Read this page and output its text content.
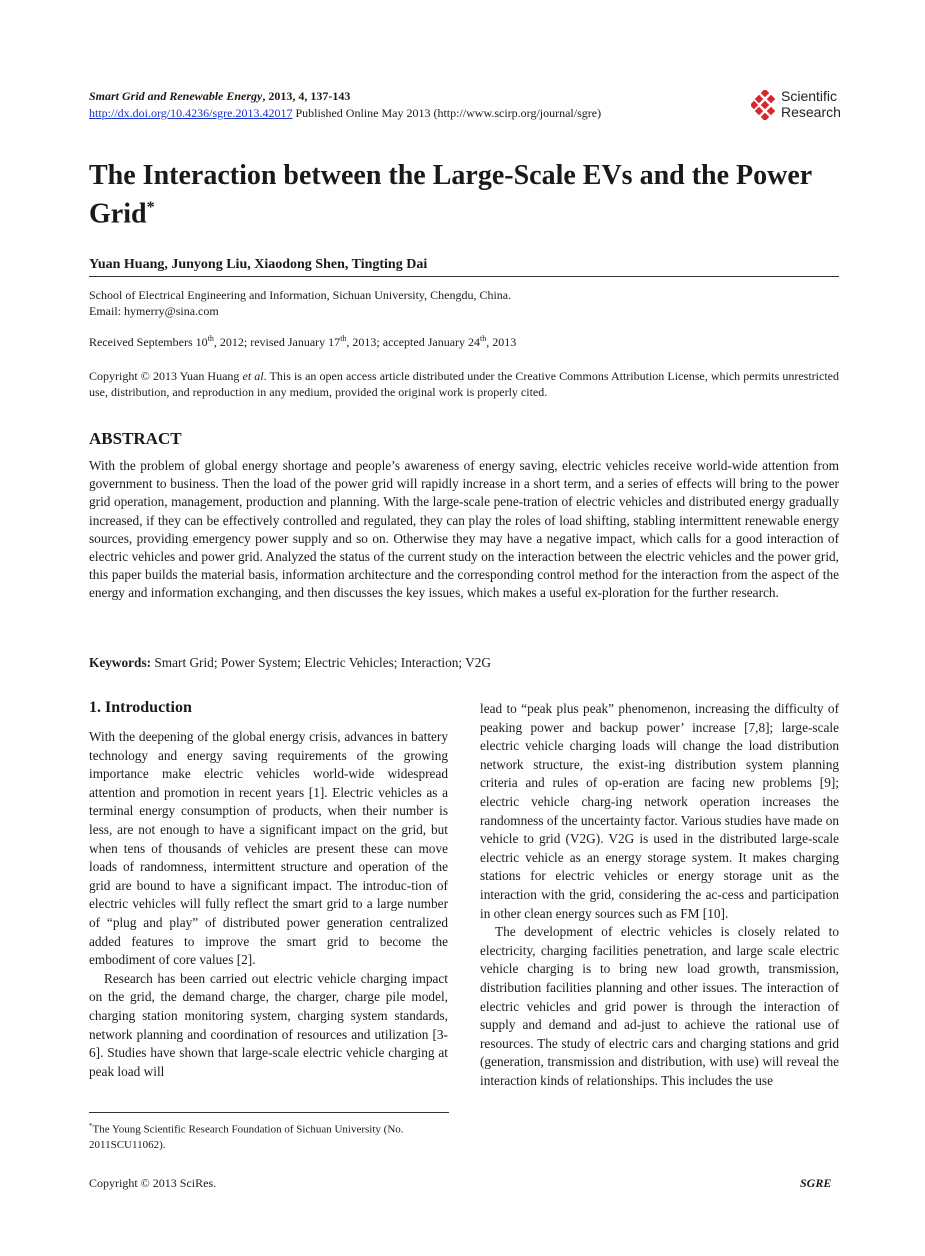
Smart Grid and Renewable Energy, 2013, 4, 137-143
http://dx.doi.org/10.4236/sgre.2013.42017 Published Online May 2013 (http://www.scirp.org/journal/sgre)
Scientific
Research
The Interaction between the Large-Scale EVs and the Power Grid*
Yuan Huang, Junyong Liu, Xiaodong Shen, Tingting Dai
School of Electrical Engineering and Information, Sichuan University, Chengdu, China.
Email: hymerry@sina.com
Received Septembers 10th, 2012; revised January 17th, 2013; accepted January 24th, 2013
Copyright © 2013 Yuan Huang et al. This is an open access article distributed under the Creative Commons Attribution License, which permits unrestricted use, distribution, and reproduction in any medium, provided the original work is properly cited.
ABSTRACT
With the problem of global energy shortage and people’s awareness of energy saving, electric vehicles receive world-wide attention from government to business. Then the load of the power grid will rapidly increase in a short term, and a series of effects will bring to the power grid operation, management, production and planning. With the large-scale pene-tration of electric vehicles and distributed energy gradually increased, if they can be effectively controlled and regulated, they can play the roles of load shifting, stabling intermittent renewable energy sources, providing emergency power supply and so on. Otherwise they may have a negative impact, which calls for a good interaction of electric vehicles and power grid. Analyzed the status of the current study on the interaction between the electric vehicles and the power grid, this paper builds the material basis, information architecture and the corresponding control method for the interaction from the aspect of the energy and information exchanging, and then discusses the key issues, which makes a useful ex-ploration for the further research.
Keywords: Smart Grid; Power System; Electric Vehicles; Interaction; V2G
1. Introduction

With the deepening of the global energy crisis, advances in battery technology and energy saving requirements of the growing importance make electric vehicles world-wide widespread attention and promotion in recent years [1]. Electric vehicles as a terminal energy consumption of products, when their number is less, are not enough to have a significant impact on the grid, but when tens of thousands of vehicles are present these can move loads of randomness, intermittent structure and operation of the grid are bound to have a significant impact. The introduc-tion of electric vehicles will fully reflect the smart grid to a large number of “plug and play” of distributed power generation centralized added features to improve the smart grid to become the embodiment of core values [2].

Research has been carried out electric vehicle charging impact on the grid, the demand charge, the charger, charge pile model, charging station monitoring system, charging system standards, network planning and coordination of resources and utilization [3-6]. Studies have shown that large-scale electric vehicle charging at peak load will

lead to “peak plus peak” phenomenon, increasing the difficulty of peaking power and backup power’ increase [7,8]; large-scale electric vehicle charging loads will change the load distribution network structure, the exist-ing distribution system planning criteria and rules of op-eration are facing new problems [9]; electric vehicle charg-ing network operation increases the randomness of the uncertainty factor. Various studies have made on vehicle to grid (V2G). V2G is used in the distributed large-scale electric vehicle as an energy storage system. It makes charging stations for electric vehicles or energy storage unit as the interaction with the grid, considering the ac-cess and participation in other clean energy sources such as FM [10].

The development of electric vehicles is closely related to electricity, charging facilities penetration, and large scale electric vehicle charging is to bring new load growth, transmission, distribution facilities planning and other issues. The interaction of electric vehicles and grid power is through the interaction of supply and demand and ad-just to achieve the rational use of resources. The study of electric cars and charging stations and grid (generation, transmission and distribution, with use) will reveal the interaction kinds of relationships. This includes the use

*The Young Scientific Research Foundation of Sichuan University (No. 2011SCU11062).
Copyright © 2013 SciRes.	SGRE
